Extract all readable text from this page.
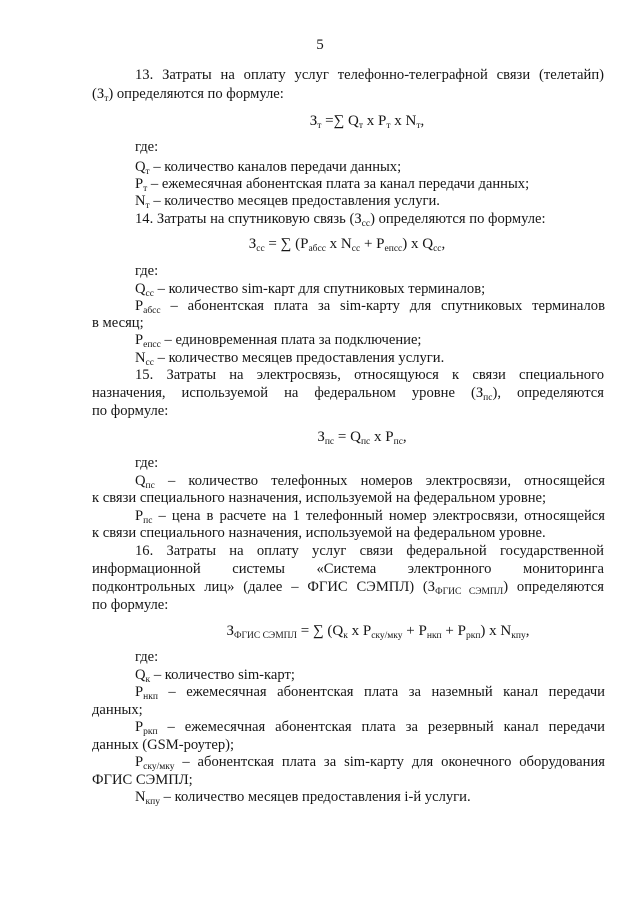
5

13. Затраты на оплату услуг телефонно-телеграфной связи (телетайп)

$(З_т)$ определяются по формуле:

$З_т$ =∑ $Q_т$ x $P_т$ x $N_т$,

где:

$Q_т$ – количество каналов передачи данных;

$P_т$ – ежемесячная абонентская плата за канал передачи данных;

$N_т$ – количество месяцев предоставления услуги.

14. Затраты на спутниковую связь $(З_{сс})$ определяются по формуле:

$З_{сс}$ = ∑ ($P_{абсс}$ x $N_{сс} + P_{епсс}$) x $Q_{сс}$,

где:

$Q_{сс}$ – количество sim-карт для спутниковых терминалов;

$P_{абсс}$ – абонентская плата за sim-карту для спутниковых терминалов

в месяц;

$P_{епсс}$ – единовременная плата за подключение;

$N_{сс}$ – количество месяцев предоставления услуги.

15. Затраты на электросвязь, относящуюся к связи специального

назначения, используемой на федеральном уровне $(З_{пс})$, определяются

по формуле:

$З_{пс} = Q_{пс}$ x $P_{пс}$,

где:

$Q_{пс}$ – количество телефонных номеров электросвязи, относящейся

к связи специального назначения, используемой на федеральном уровне;

$P_{пс}$ – цена в расчете на 1 телефонный номер электросвязи, относящейся

к связи специального назначения, используемой на федеральном уровне.

16. Затраты на оплату услуг связи федеральной государственной

информационной системы «Система электронного мониторинга

подконтрольных лиц» (далее – ФГИС СЭМПЛ) $(З_{ФГИС СЭМПЛ})$ определяются

по формуле:

$З_{ФГИС СЭМПЛ}$ = ∑ ($Q_к$ x $P_{ску/мку} + P_{нкп} + P_{ркп}$) x $N_{кпу}$,

где:

$Q_к$ – количество sim-карт;

$P_{нкп}$ – ежемесячная абонентская плата за наземный канал передачи

данных;

$P_{ркп}$ – ежемесячная абонентская плата за резервный канал передачи

данных (GSM-роутер);

$P_{ску/мку}$ – абонентская плата за sim-карту для оконечного оборудования

ФГИС СЭМПЛ;

$N_{кпу}$ – количество месяцев предоставления i-й услуги.
